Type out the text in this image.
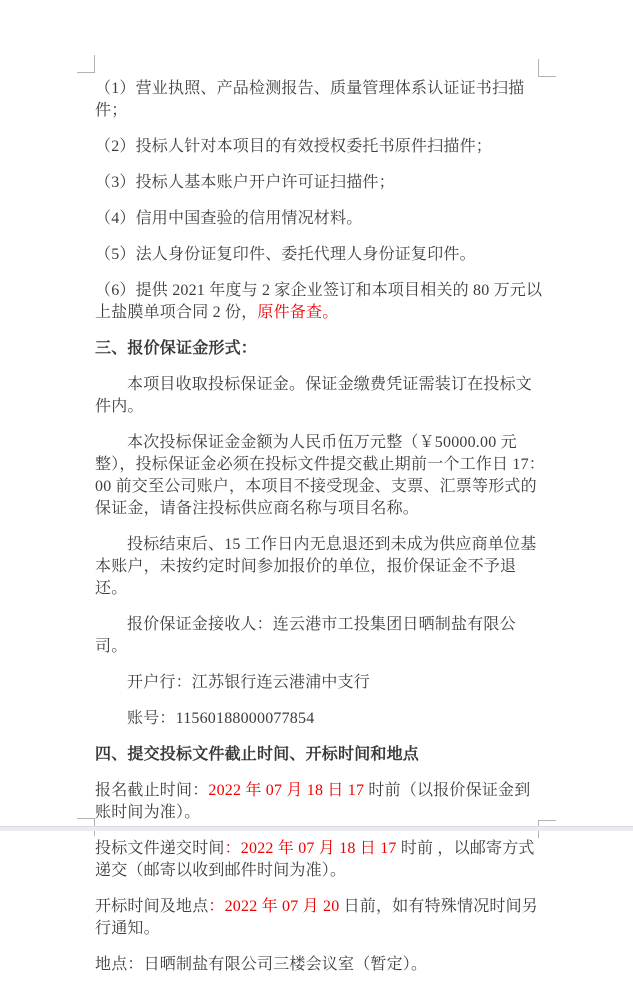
（1）营业执照、产品检测报告、质量管理体系认证证书扫描件；

（2）投标人针对本项目的有效授权委托书原件扫描件；

（3）投标人基本账户开户许可证扫描件；

（4）信用中国查验的信用情况材料。

（5）法人身份证复印件、委托代理人身份证复印件。

（6）提供 2021 年度与 2 家企业签订和本项目相关的 80 万元以上盐膜单项合同 2 份，原件备查。

三、报价保证金形式：

本项目收取投标保证金。保证金缴费凭证需装订在投标文件内。

本次投标保证金金额为人民币伍万元整（￥50000.00 元整），投标保证金必须在投标文件提交截止期前一个工作日 17：00 前交至公司账户，本项目不接受现金、支票、汇票等形式的保证金，请备注投标供应商名称与项目名称。

投标结束后、15 工作日内无息退还到未成为供应商单位基本账户，未按约定时间参加报价的单位，报价保证金不予退还。

报价保证金接收人：连云港市工投集团日晒制盐有限公司。

开户行：江苏银行连云港浦中支行

账号：11560188000077854

四、提交投标文件截止时间、开标时间和地点

报名截止时间：2022 年 07 月 18 日 17 时前（以报价保证金到账时间为准）。

投标文件递交时间：2022 年 07 月 18 日 17 时前 ，以邮寄方式递交（邮寄以收到邮件时间为准）。

开标时间及地点：2022 年 07 月 20 日前，如有特殊情况时间另行通知。

地点：日晒制盐有限公司三楼会议室（暂定）。
